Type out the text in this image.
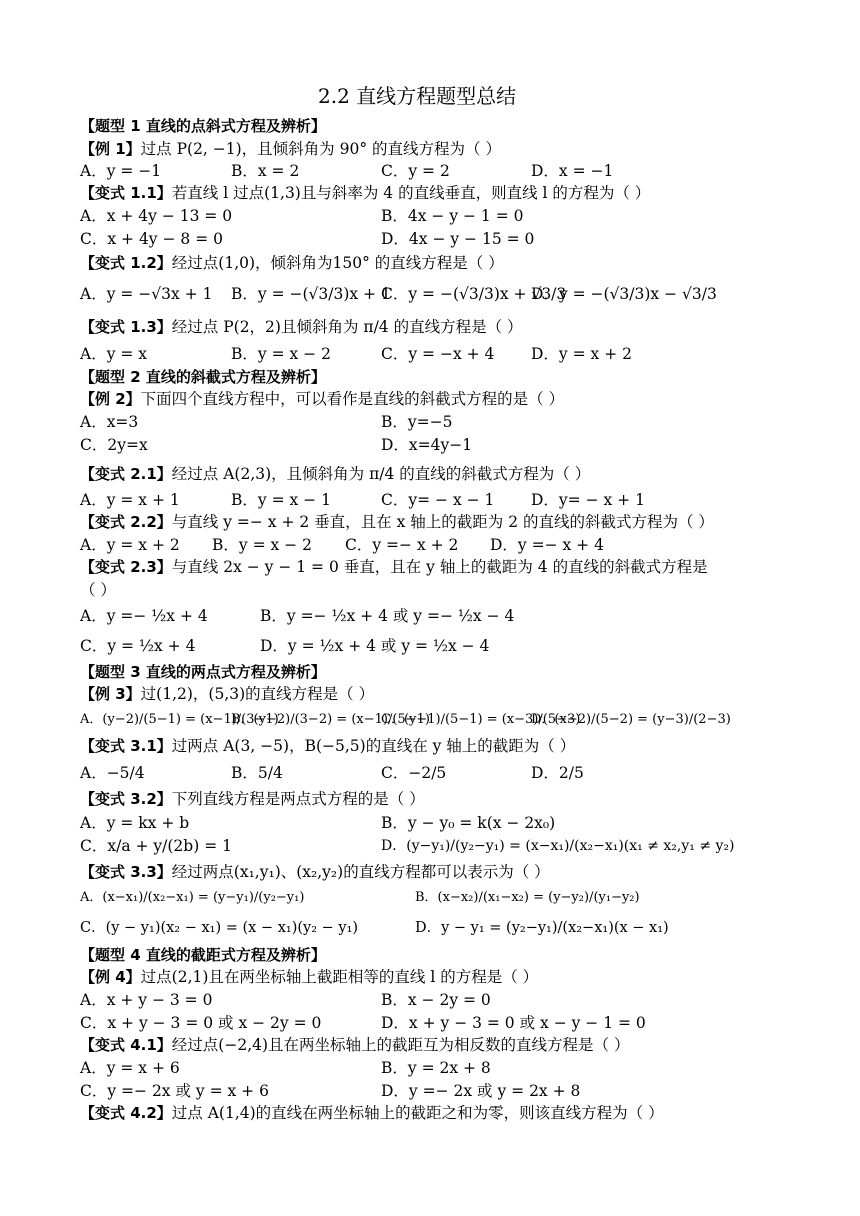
2.2 直线方程题型总结
【题型 1 直线的点斜式方程及辨析】
【例 1】过点 P(2, −1)，且倾斜角为 90° 的直线方程为（ ）
A．y = −1	B．x = 2	C．y = 2	D．x = −1
【变式 1.1】若直线 l 过点(1,3)且与斜率为 4 的直线垂直，则直线 l 的方程为（ ）
A．x + 4y − 13 = 0	B．4x − y − 1 = 0
C．x + 4y − 8 = 0	D．4x − y − 15 = 0
【变式 1.2】经过点(1,0)，倾斜角为150° 的直线方程是（ ）
A．y = −√3x + 1 B．y = −(√3/3)x + 1
C．y = −(√3/3)x + √3/3
D．y = −(√3/3)x − √3/3
【变式 1.3】经过点 P(2，2)且倾斜角为 π/4 的直线方程是（ ）
A．y = x	B．y = x − 2	C．y = −x + 4 D．y = x + 2
【题型 2 直线的斜截式方程及辨析】
【例 2】下面四个直线方程中，可以看作是直线的斜截式方程的是（ ）
A．x=3	B．y=−5
C．2y=x	D．x=4y−1
【变式 2.1】经过点 A(2,3)，且倾斜角为 π/4 的直线的斜截式方程为（ ）
A．y = x + 1	B．y = x − 1	C．y= − x − 1 D．y= − x + 1
【变式 2.2】与直线 y =− x + 2 垂直，且在 x 轴上的截距为 2 的直线的斜截式方程为（ ）
A．y = x + 2 B．y = x − 2 C．y =− x + 2 D．y =− x + 4
【变式 2.3】与直线 2x − y − 1 = 0 垂直，且在 y 轴上的截距为 4 的直线的斜截式方程是
（ ）
A．y =− ½x + 4	B．y =− ½x + 4 或 y =− ½x − 4
C．y = ½x + 4	D．y = ½x + 4 或 y = ½x − 4
【题型 3 直线的两点式方程及辨析】
【例 3】过(1,2)，(5,3)的直线方程是（ ）
A．(y−2)/(5−1) = (x−1)/(3−1)
B．(y−2)/(3−2) = (x−1)/(5−1)
C．(y−1)/(5−1) = (x−3)/(5−3)
D．(x−2)/(5−2) = (y−3)/(2−3)
【变式 3.1】过两点 A(3, −5)，B(−5,5)的直线在 y 轴上的截距为（ ）
A．−5/4	B．5/4	C．−2/5	D．2/5
【变式 3.2】下列直线方程是两点式方程的是（ ）
A．y = kx + b	B．y − y₀ = k(x − 2x₀)
C．x/a + y/(2b) = 1	D．(y−y₁)/(y₂−y₁) = (x−x₁)/(x₂−x₁)(x₁ ≠ x₂,y₁ ≠ y₂)
【变式 3.3】经过两点(x₁,y₁)、(x₂,y₂)的直线方程都可以表示为（ ）
A．(x−x₁)/(x₂−x₁) = (y−y₁)/(y₂−y₁)	B．(x−x₂)/(x₁−x₂) = (y−y₂)/(y₁−y₂)
C．(y − y₁)(x₂ − x₁) = (x − x₁)(y₂ − y₁)	D．y − y₁ = (y₂−y₁)/(x₂−x₁)(x − x₁)
【题型 4 直线的截距式方程及辨析】
【例 4】过点(2,1)且在两坐标轴上截距相等的直线 l 的方程是（ ）
A．x + y − 3 = 0	B．x − 2y = 0
C．x + y − 3 = 0 或 x − 2y = 0	D．x + y − 3 = 0 或 x − y − 1 = 0
【变式 4.1】经过点(−2,4)且在两坐标轴上的截距互为相反数的直线方程是（ ）
A．y = x + 6	B．y = 2x + 8
C．y =− 2x 或 y = x + 6	D．y =− 2x 或 y = 2x + 8
【变式 4.2】过点 A(1,4)的直线在两坐标轴上的截距之和为零，则该直线方程为（ ）
